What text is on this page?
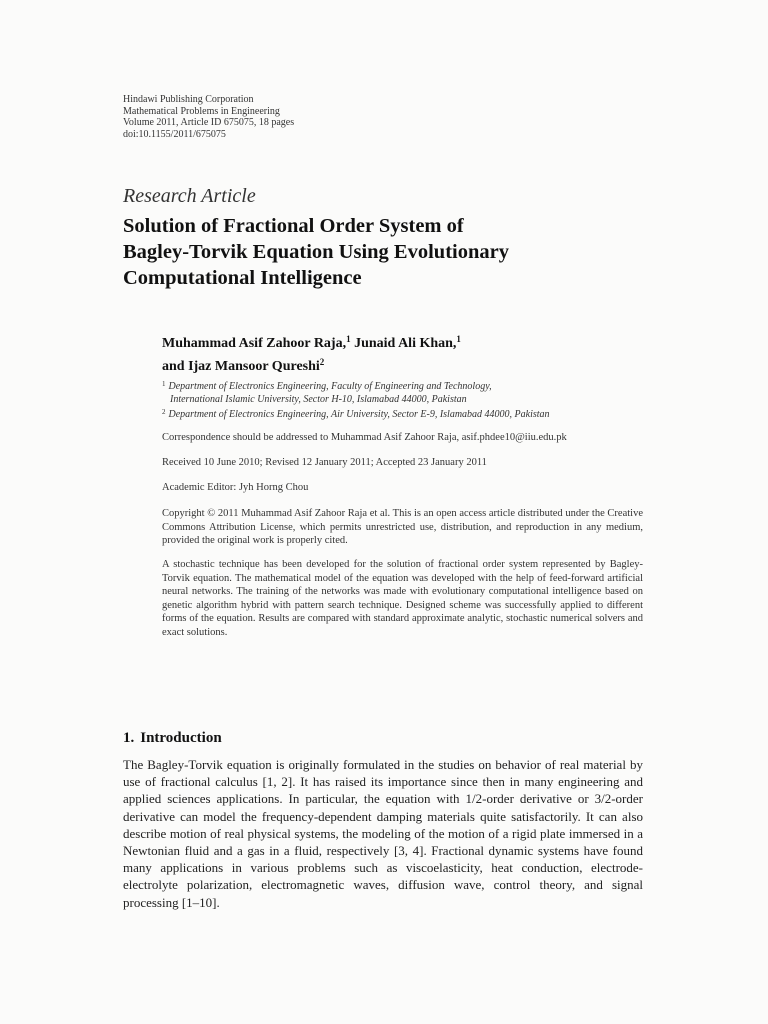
Hindawi Publishing Corporation
Mathematical Problems in Engineering
Volume 2011, Article ID 675075, 18 pages
doi:10.1155/2011/675075
Research Article
Solution of Fractional Order System of
Bagley-Torvik Equation Using Evolutionary
Computational Intelligence
Muhammad Asif Zahoor Raja,$^1$ Junaid Ali Khan,$^1$
and Ijaz Mansoor Qureshi$^2$
$^1$ Department of Electronics Engineering, Faculty of Engineering and Technology,
International Islamic University, Sector H-10, Islamabad 44000, Pakistan
$^2$ Department of Electronics Engineering, Air University, Sector E-9, Islamabad 44000, Pakistan
Correspondence should be addressed to Muhammad Asif Zahoor Raja, asif.phdee10@iiu.edu.pk
Received 10 June 2010; Revised 12 January 2011; Accepted 23 January 2011
Academic Editor: Jyh Horng Chou
Copyright © 2011 Muhammad Asif Zahoor Raja et al. This is an open access article distributed under the Creative Commons Attribution License, which permits unrestricted use, distribution, and reproduction in any medium, provided the original work is properly cited.
A stochastic technique has been developed for the solution of fractional order system represented by Bagley-Torvik equation. The mathematical model of the equation was developed with the help of feed-forward artificial neural networks. The training of the networks was made with evolutionary computational intelligence based on genetic algorithm hybrid with pattern search technique. Designed scheme was successfully applied to different forms of the equation. Results are compared with standard approximate analytic, stochastic numerical solvers and exact solutions.
1. Introduction
The Bagley-Torvik equation is originally formulated in the studies on behavior of real material by use of fractional calculus [1, 2]. It has raised its importance since then in many engineering and applied sciences applications. In particular, the equation with 1/2-order derivative or 3/2-order derivative can model the frequency-dependent damping materials quite satisfactorily. It can also describe motion of real physical systems, the modeling of the motion of a rigid plate immersed in a Newtonian fluid and a gas in a fluid, respectively [3, 4]. Fractional dynamic systems have found many applications in various problems such as viscoelasticity, heat conduction, electrode-electrolyte polarization, electromagnetic waves, diffusion wave, control theory, and signal processing [1–10].
